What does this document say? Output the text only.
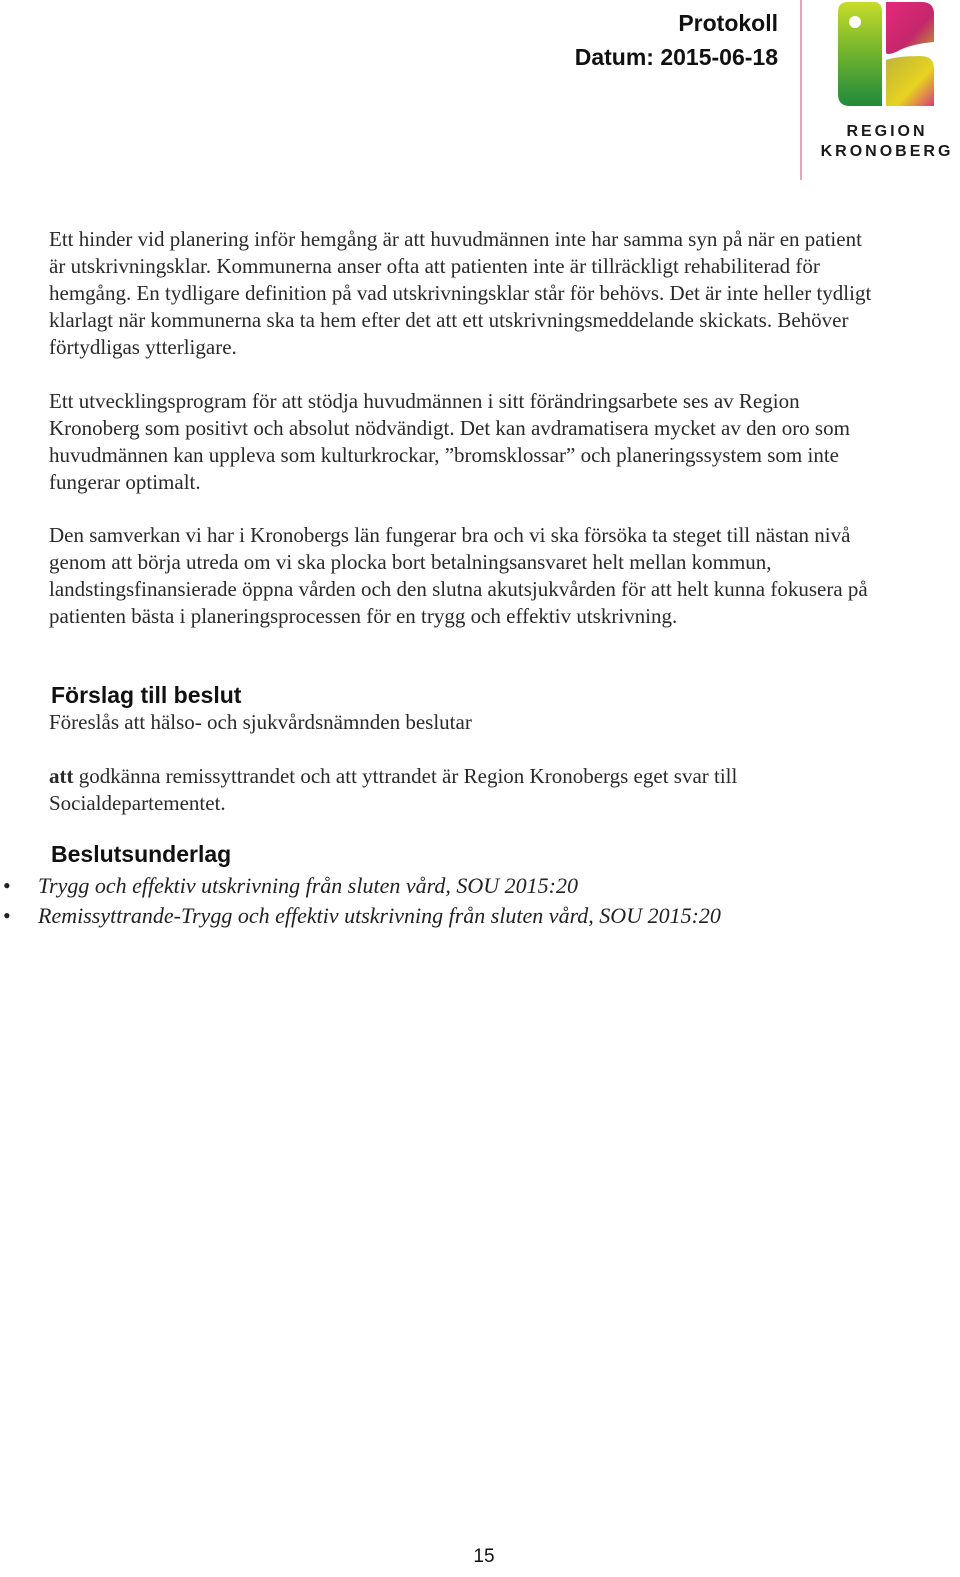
Protokoll
Datum: 2015-06-18
REGION
KRONOBERG

Ett hinder vid planering inför hemgång är att huvudmännen inte har samma syn på när en patient är utskrivningsklar. Kommunerna anser ofta att patienten inte är tillräckligt rehabiliterad för hemgång. En tydligare definition på vad utskrivningsklar står för behövs. Det är inte heller tydligt klarlagt när kommunerna ska ta hem efter det att ett utskrivningsmeddelande skickats. Behöver förtydligas ytterligare.

Ett utvecklingsprogram för att stödja huvudmännen i sitt förändringsarbete ses av Region Kronoberg som positivt och absolut nödvändigt. Det kan avdramatisera mycket av den oro som huvudmännen kan uppleva som kulturkrockar, ”bromsklossar” och planeringssystem som inte fungerar optimalt.

Den samverkan vi har i Kronobergs län fungerar bra och vi ska försöka ta steget till nästan nivå genom att börja utreda om vi ska plocka bort betalningsansvaret helt mellan kommun, landstingsfinansierade öppna vården och den slutna akutsjukvården för att helt kunna fokusera på patienten bästa i planeringsprocessen för en trygg och effektiv utskrivning.

Förslag till beslut

Föreslås att hälso- och sjukvårdsnämnden beslutar

att godkänna remissyttrandet och att yttrandet är Region Kronobergs eget svar till Socialdepartementet.

Beslutsunderlag
• Trygg och effektiv utskrivning från sluten vård, SOU 2015:20
• Remissyttrande-Trygg och effektiv utskrivning från sluten vård, SOU 2015:20
15
